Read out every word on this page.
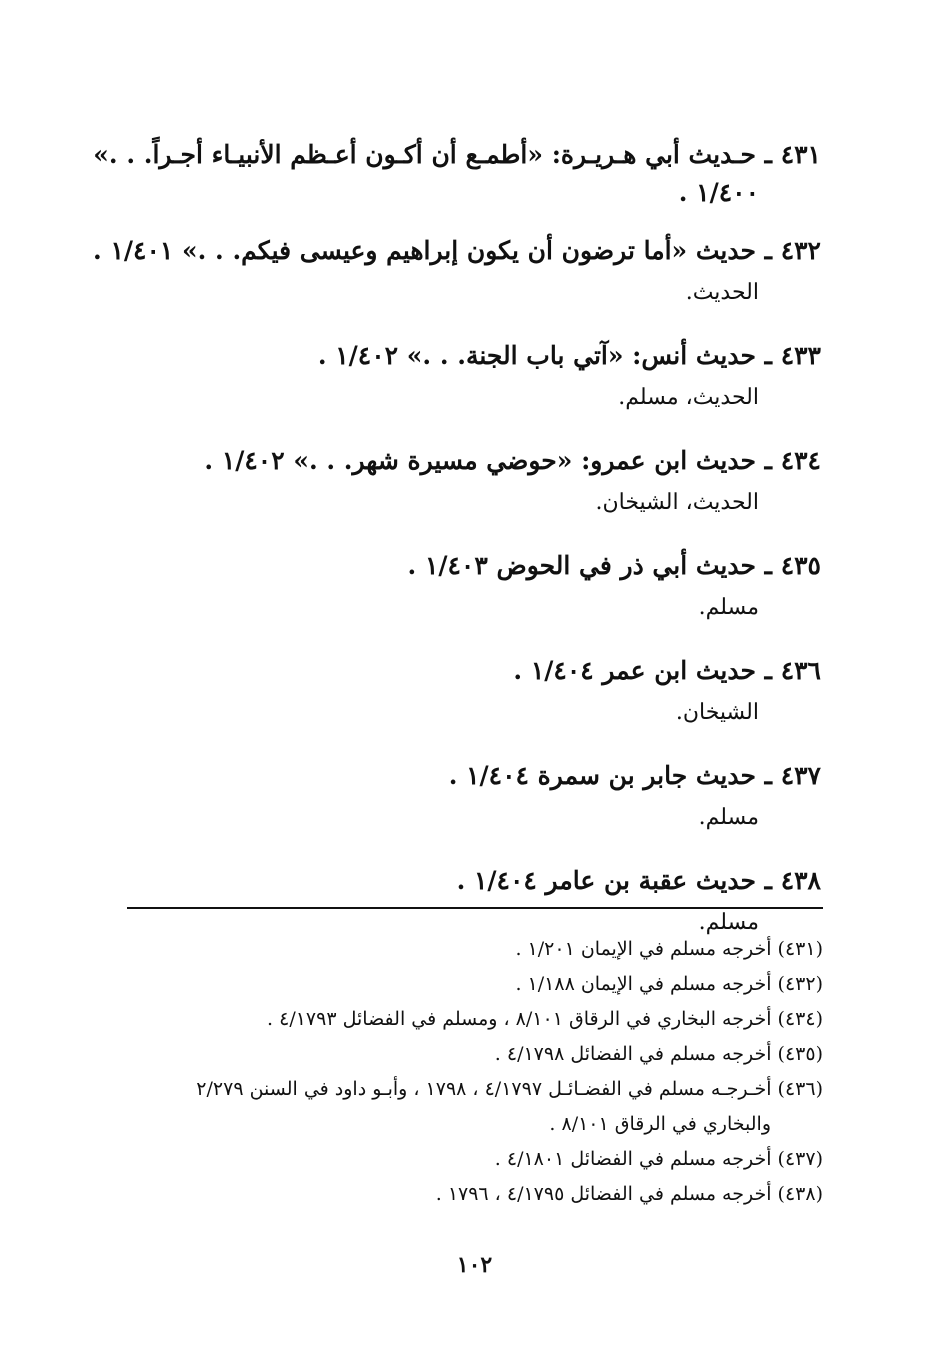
٤٣١ ـ حـديث أبي هـريـرة: «أطمـع أن أكـون أعـظم الأنبيـاء أجـراً. . .»
١/٤٠٠ .
٤٣٢ ـ حديث «أما ترضون أن يكون إبراهيم وعيسى فيكم. . .» ١/٤٠١ .
الحديث.
٤٣٣ ـ حديث أنس: «آتي باب الجنة. . .» ١/٤٠٢ .
الحديث، مسلم.
٤٣٤ ـ حديث ابن عمرو: «حوضي مسيرة شهر. . .» ١/٤٠٢ .
الحديث، الشيخان.
٤٣٥ ـ حديث أبي ذر في الحوض ١/٤٠٣ .
مسلم.
٤٣٦ ـ حديث ابن عمر ١/٤٠٤ .
الشيخان.
٤٣٧ ـ حديث جابر بن سمرة ١/٤٠٤ .
مسلم.
٤٣٨ ـ حديث عقبة بن عامر ١/٤٠٤ .
مسلم.
(٤٣١) أخرجه مسلم في الإيمان ١/٢٠١ .
(٤٣٢) أخرجه مسلم في الإيمان ١/١٨٨ .
(٤٣٤) أخرجه البخاري في الرقاق ٨/١٠١ ، ومسلم في الفضائل ٤/١٧٩٣ .
(٤٣٥) أخرجه مسلم في الفضائل ٤/١٧٩٨ .
(٤٣٦) أخـرجـه مسلم في الفضـائـل ٤/١٧٩٧ ، ١٧٩٨ ، وأبـو داود في السنن ٢/٢٧٩
والبخاري في الرقاق ٨/١٠١ .
(٤٣٧) أخرجه مسلم في الفضائل ٤/١٨٠١ .
(٤٣٨) أخرجه مسلم في الفضائل ٤/١٧٩٥ ، ١٧٩٦ .
١٠٢
